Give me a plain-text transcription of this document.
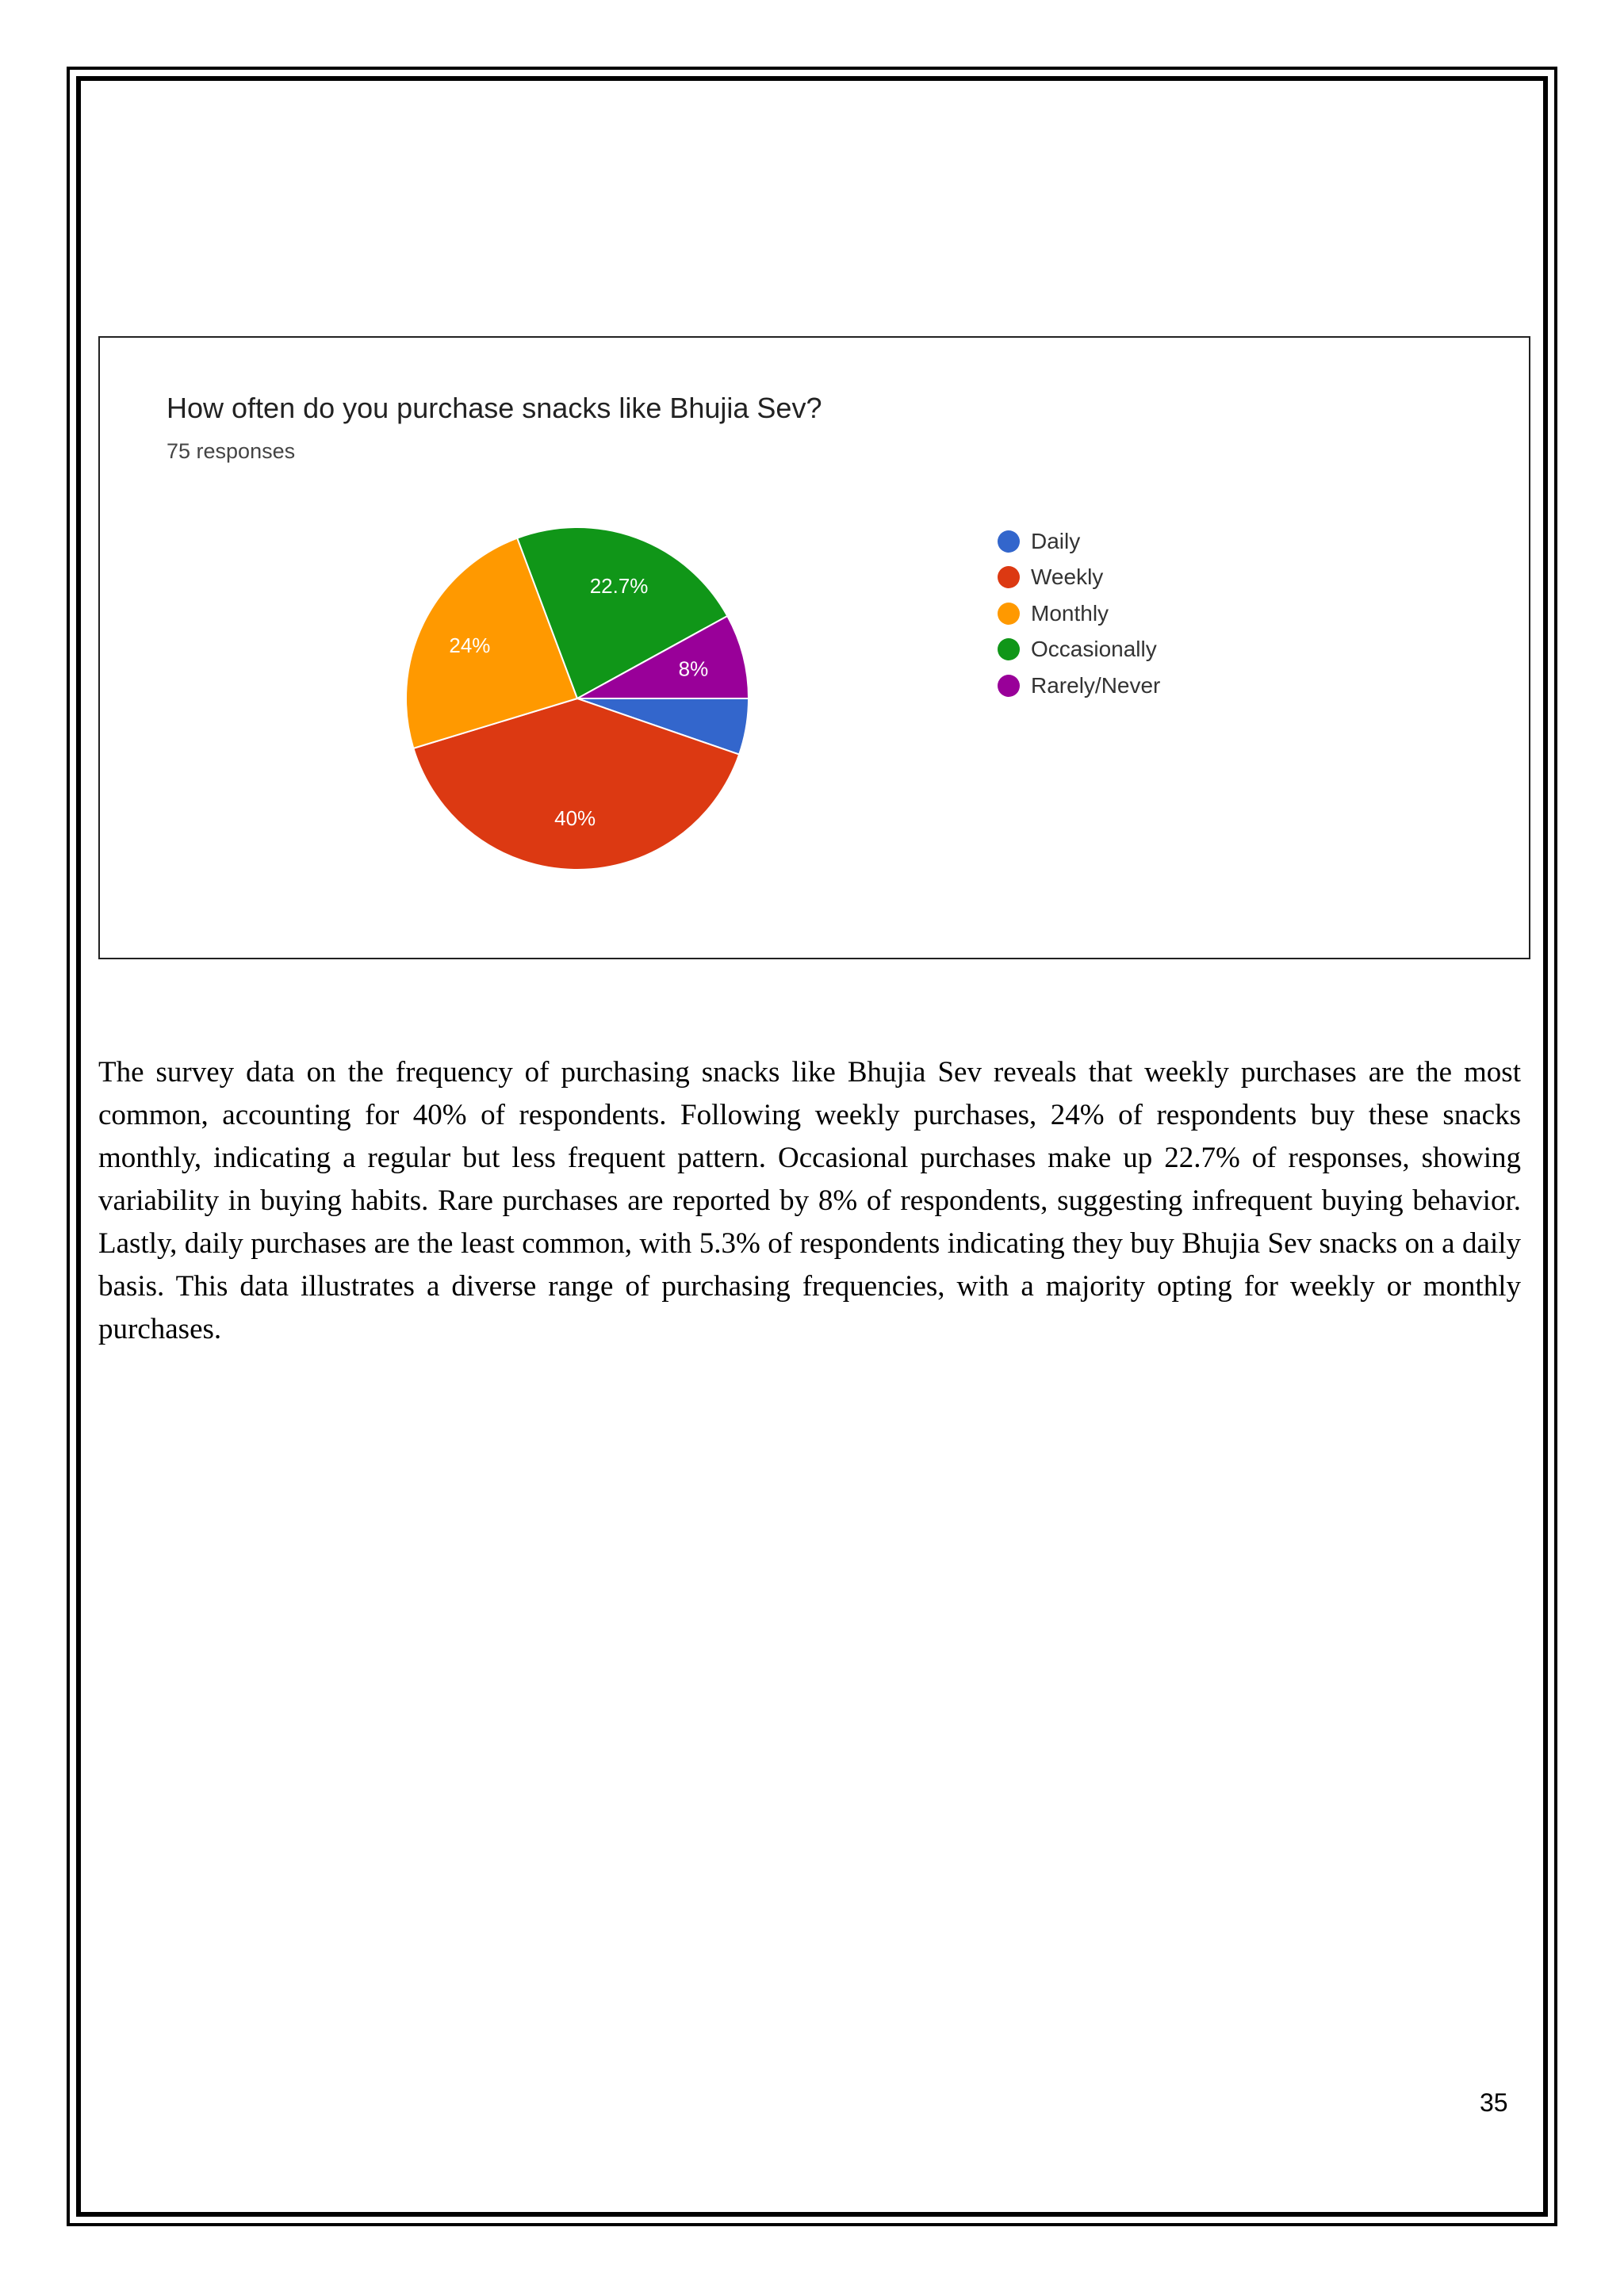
How often do you purchase snacks like Bhujia Sev?
75 responses
40%
24%
22.7%
8%
Daily
Weekly
Monthly
Occasionally
Rarely/Never

The survey data on the frequency of purchasing snacks like Bhujia Sev reveals that weekly purchases are the most common, accounting for 40% of respondents. Following weekly purchases, 24% of respondents buy these snacks monthly, indicating a regular but less frequent pattern. Occasional purchases make up 22.7% of responses, showing variability in buying habits. Rare purchases are reported by 8% of respondents, suggesting infrequent buying behavior. Lastly, daily purchases are the least common, with 5.3% of respondents indicating they buy Bhujia Sev snacks on a daily basis. This data illustrates a diverse range of purchasing frequencies, with a majority opting for weekly or monthly purchases.

35
